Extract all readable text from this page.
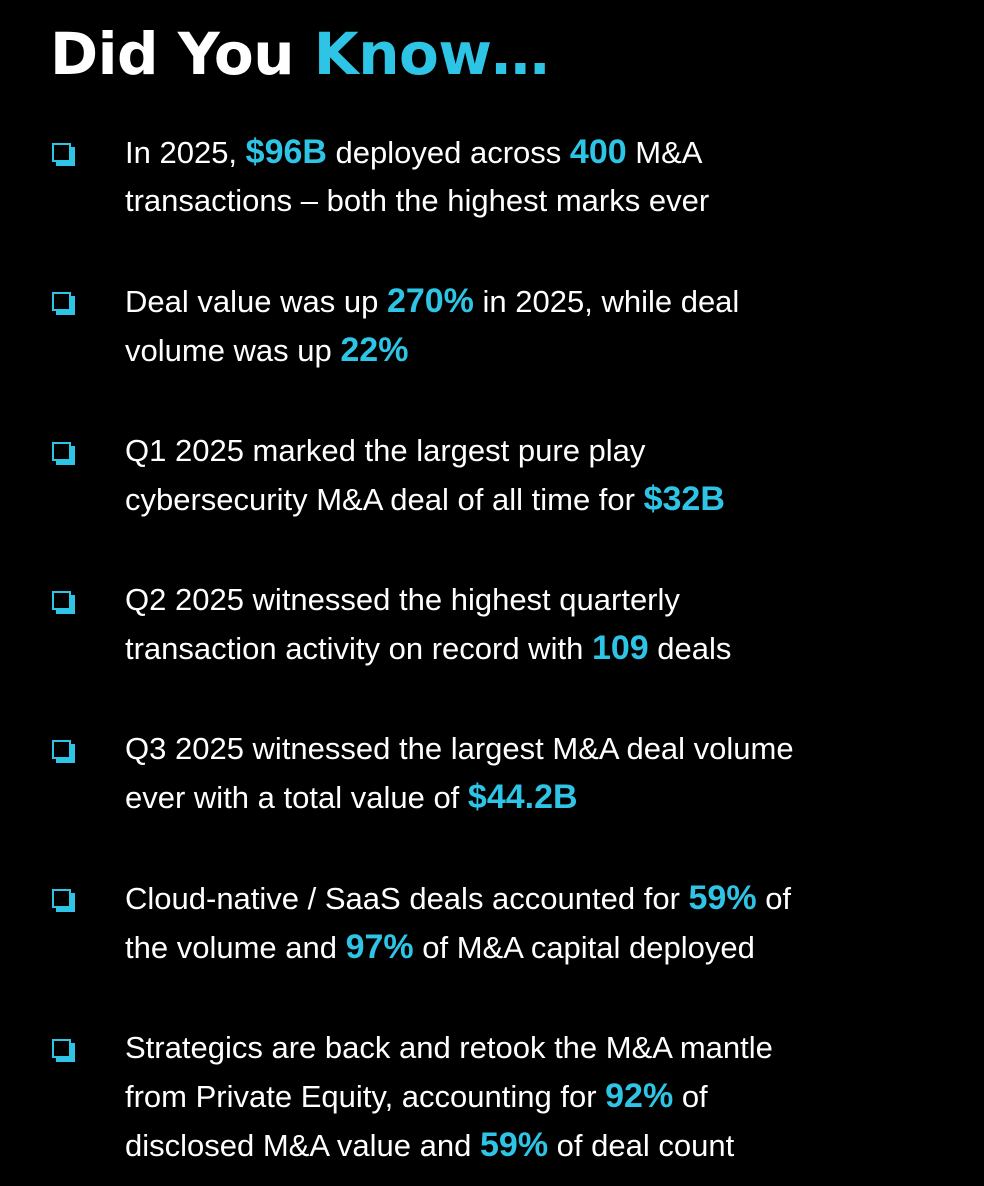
Did You Know…
In 2025, $96B deployed across 400 M&A
transactions – both the highest marks ever
Deal value was up 270% in 2025, while deal
volume was up 22%
Q1 2025 marked the largest pure play
cybersecurity M&A deal of all time for $32B
Q2 2025 witnessed the highest quarterly
transaction activity on record with 109 deals
Q3 2025 witnessed the largest M&A deal volume
ever with a total value of $44.2B
Cloud-native / SaaS deals accounted for 59% of
the volume and 97% of M&A capital deployed
Strategics are back and retook the M&A mantle
from Private Equity, accounting for 92% of
disclosed M&A value and 59% of deal count
